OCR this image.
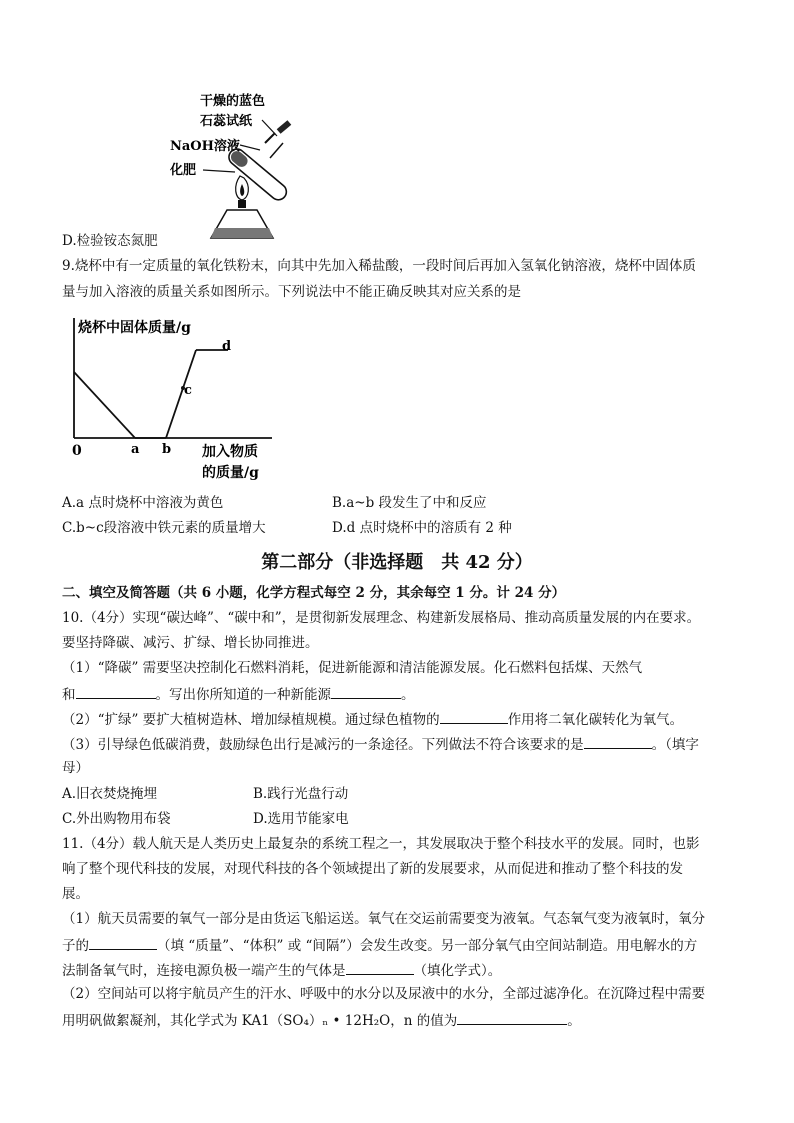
干燥的蓝色
石蕊试纸
NaOH溶液
化肥
D.检验铵态氮肥
9.烧杯中有一定质量的氧化铁粉末，向其中先加入稀盐酸，一段时间后再加入氢氧化钠溶液，烧杯中固体质
量与加入溶液的质量关系如图所示。下列说法中不能正确反映其对应关系的是
烧杯中固体质量/g
0	a b
c
d
加入物质
的质量/g
A.a 点时烧杯中溶液为黄色	B.a~b 段发生了中和反应
C.b~c段溶液中铁元素的质量增大	D.d 点时烧杯中的溶质有 2 种
第二部分（非选择题　共 42 分）
二、填空及简答题（共 6 小题，化学方程式每空 2 分，其余每空 1 分。计 24 分）
10.（4分）实现“碳达峰”、“碳中和”，是贯彻新发展理念、构建新发展格局、推动高质量发展的内在要求。
要坚持降碳、减污、扩绿、增长协同推进。
（1）“降碳” 需要坚决控制化石燃料消耗，促进新能源和清洁能源发展。化石燃料包括煤、天然气
和	。写出你所知道的一种新能源	。
（2）“扩绿” 要扩大植树造林、增加绿植规模。通过绿色植物的	作用将二氧化碳转化为氧气。
（3）引导绿色低碳消费，鼓励绿色出行是减污的一条途径。下列做法不符合该要求的是	。（填字
母）
A.旧衣焚烧掩埋	B.践行光盘行动
C.外出购物用布袋	D.选用节能家电
11.（4分）载人航天是人类历史上最复杂的系统工程之一，其发展取决于整个科技水平的发展。同时，也影
响了整个现代科技的发展，对现代科技的各个领域提出了新的发展要求，从而促进和推动了整个科技的发
展。
（1）航天员需要的氧气一部分是由货运飞船运送。氧气在交运前需要变为液氧。气态氧气变为液氧时，氧分
子的	（填 “质量”、“体积” 或 “间隔”）会发生改变。另一部分氧气由空间站制造。用电解水的方
法制备氧气时，连接电源负极一端产生的气体是	（填化学式）。
（2）空间站可以将宇航员产生的汗水、呼吸中的水分以及尿液中的水分，全部过滤净化。在沉降过程中需要
用明矾做絮凝剂，其化学式为 KA1（SO₄）ₙ • 12H₂O，n 的值为	。
